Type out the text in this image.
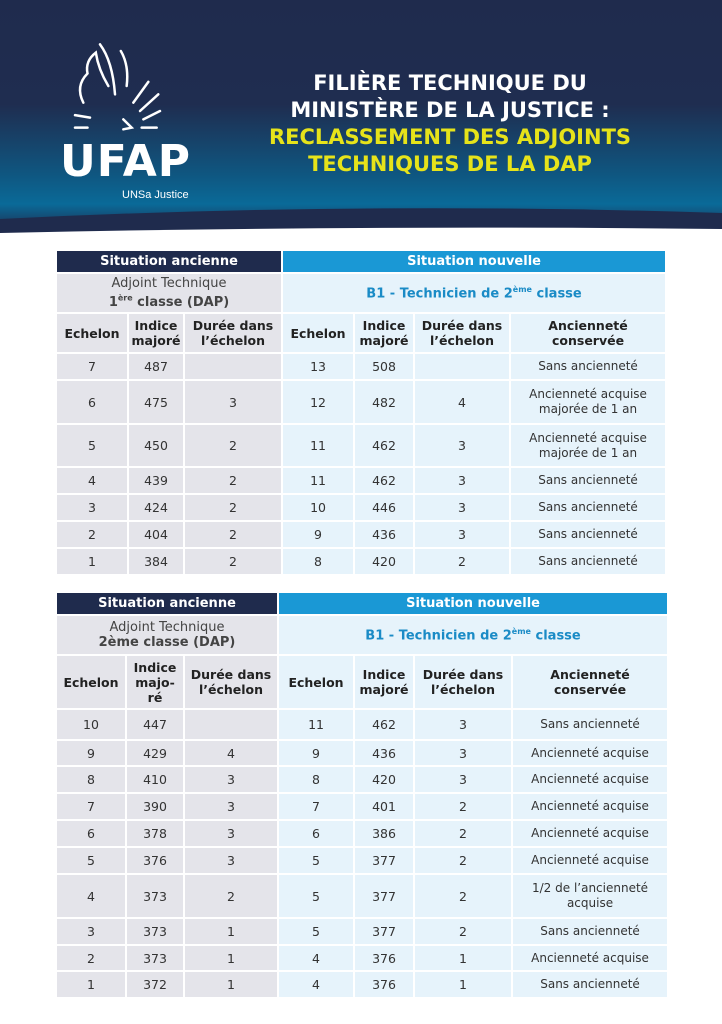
UFAP
UNSa Justice
FILIÈRE TECHNIQUE DU
MINISTÈRE DE LA JUSTICE :
RECLASSEMENT DES ADJOINTS
TECHNIQUES DE LA DAP
Situation ancienne			Situation nouvelle			
Adjoint Technique
1ère classe (DAP)			B1 - Technicien de 2ème classe			
Echelon	Indice majoré	Durée dans l’échelon	Echelon	Indice majoré	Durée dans l’échelon	Ancienneté conservée
7	487		13	508		Sans ancienneté
6	475	3	12	482	4	Ancienneté acquise majorée de 1 an
5	450	2	11	462	3	Ancienneté acquise majorée de 1 an
4	439	2	11	462	3	Sans ancienneté
3	424	2	10	446	3	Sans ancienneté
2	404	2	9	436	3	Sans ancienneté
1	384	2	8	420	2	Sans ancienneté
Situation ancienne			Situation nouvelle			
Adjoint Technique
2ème classe (DAP)			B1 - Technicien de 2ème classe			
Echelon	Indice majo-ré	Durée dans l’échelon	Echelon	Indice majoré	Durée dans l’échelon	Ancienneté conservée
10	447		11	462	3	Sans ancienneté
9	429	4	9	436	3	Ancienneté acquise
8	410	3	8	420	3	Ancienneté acquise
7	390	3	7	401	2	Ancienneté acquise
6	378	3	6	386	2	Ancienneté acquise
5	376	3	5	377	2	Ancienneté acquise
4	373	2	5	377	2	1/2 de l’ancienneté acquise
3	373	1	5	377	2	Sans ancienneté
2	373	1	4	376	1	Ancienneté acquise
1	372	1	4	376	1	Sans ancienneté
